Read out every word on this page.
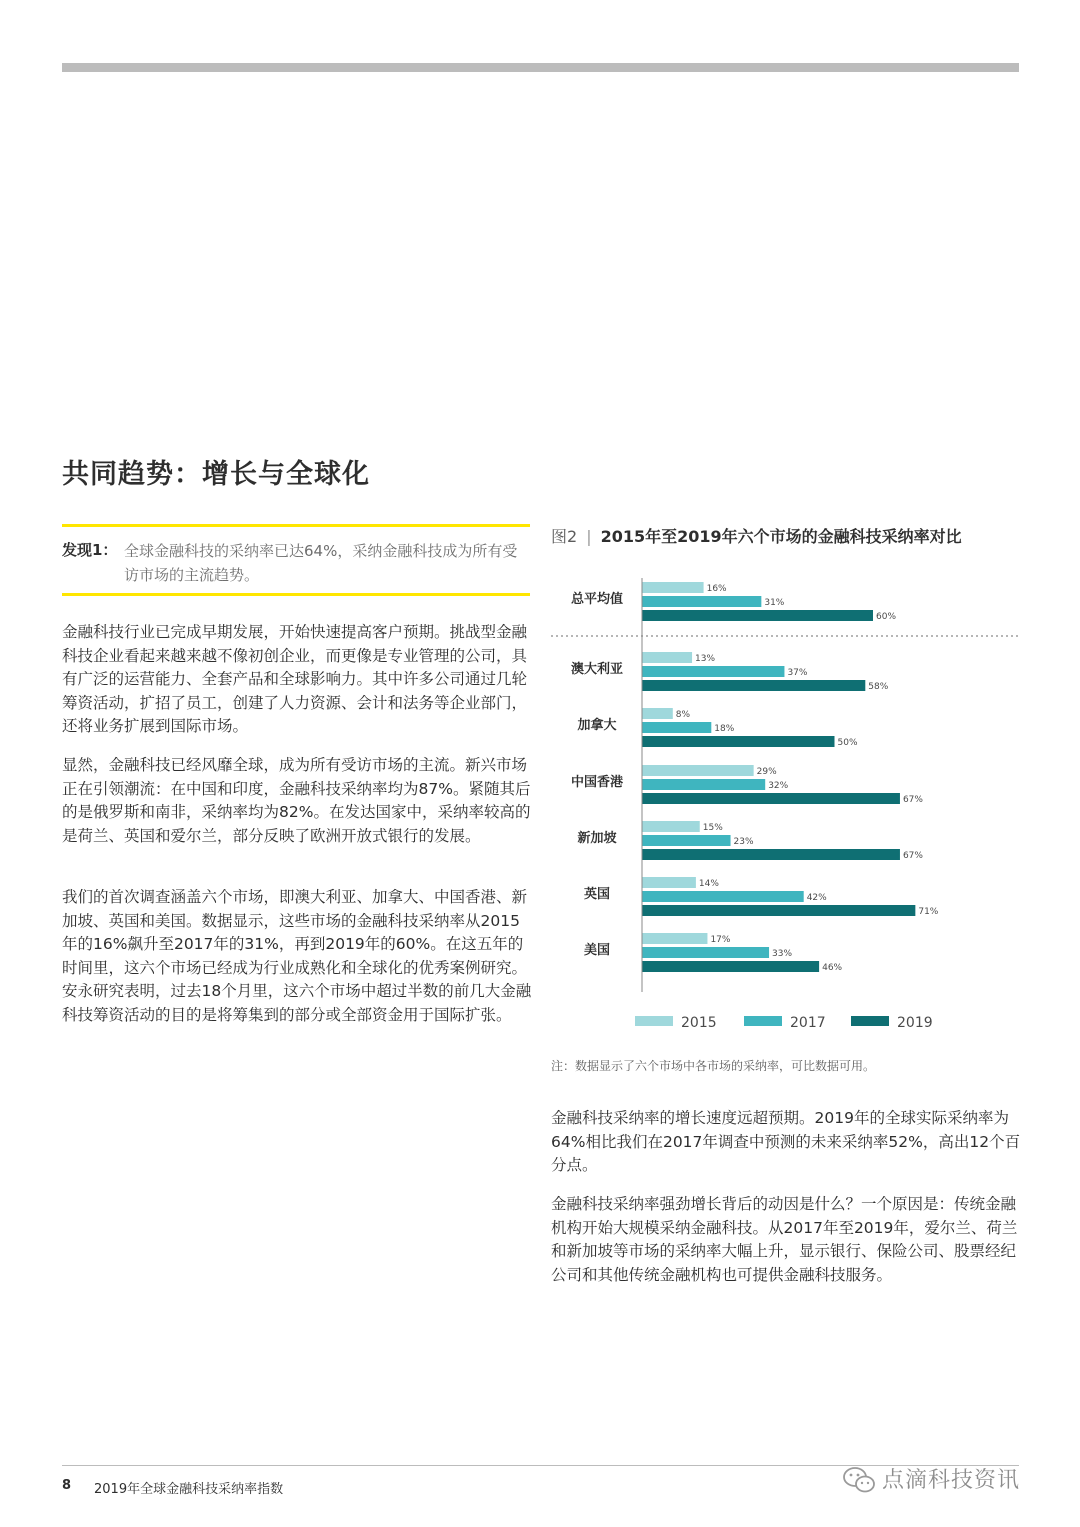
共同趋势：增长与全球化
发现1： 全球金融科技的采纳率已达64%，采纳金融科技成为所有受访市场的主流趋势。

金融科技行业已完成早期发展，开始快速提高客户预期。挑战型金融科技企业看起来越来越不像初创企业，而更像是专业管理的公司，具有广泛的运营能力、全套产品和全球影响力。其中许多公司通过几轮筹资活动，扩招了员工，创建了人力资源、会计和法务等企业部门，还将业务扩展到国际市场。

显然，金融科技已经风靡全球，成为所有受访市场的主流。新兴市场正在引领潮流：在中国和印度，金融科技采纳率均为87%。紧随其后的是俄罗斯和南非，采纳率均为82%。在发达国家中，采纳率较高的是荷兰、英国和爱尔兰，部分反映了欧洲开放式银行的发展。

我们的首次调查涵盖六个市场，即澳大利亚、加拿大、中国香港、新加坡、英国和美国。数据显示，这些市场的金融科技采纳率从2015年的16%飙升至2017年的31%，再到2019年的60%。在这五年的时间里，这六个市场已经成为行业成熟化和全球化的优秀案例研究。安永研究表明，过去18个月里，这六个市场中超过半数的前几大金融科技筹资活动的目的是将筹集到的部分或全部资金用于国际扩张。

图2 | 2015年至2019年六个市场的金融科技采纳率对比
总平均值
16%
31%
60%
澳大利亚
13%
37%
58%
加拿大
8%
18%
50%
中国香港
29%
32%
67%
新加坡
15%
23%
67%
英国
14%
42%
71%
美国
17%
33%
46%
2015	2017	2019
注：数据显示了六个市场中各市场的采纳率，可比数据可用。

金融科技采纳率的增长速度远超预期。2019年的全球实际采纳率为64%相比我们在2017年调查中预测的未来采纳率52%，高出12个百分点。

金融科技采纳率强劲增长背后的动因是什么？一个原因是：传统金融机构开始大规模采纳金融科技。从2017年至2019年，爱尔兰、荷兰和新加坡等市场的采纳率大幅上升，显示银行、保险公司、股票经纪公司和其他传统金融机构也可提供金融科技服务。

8 2019年全球金融科技采纳率指数	点滴科技资讯
